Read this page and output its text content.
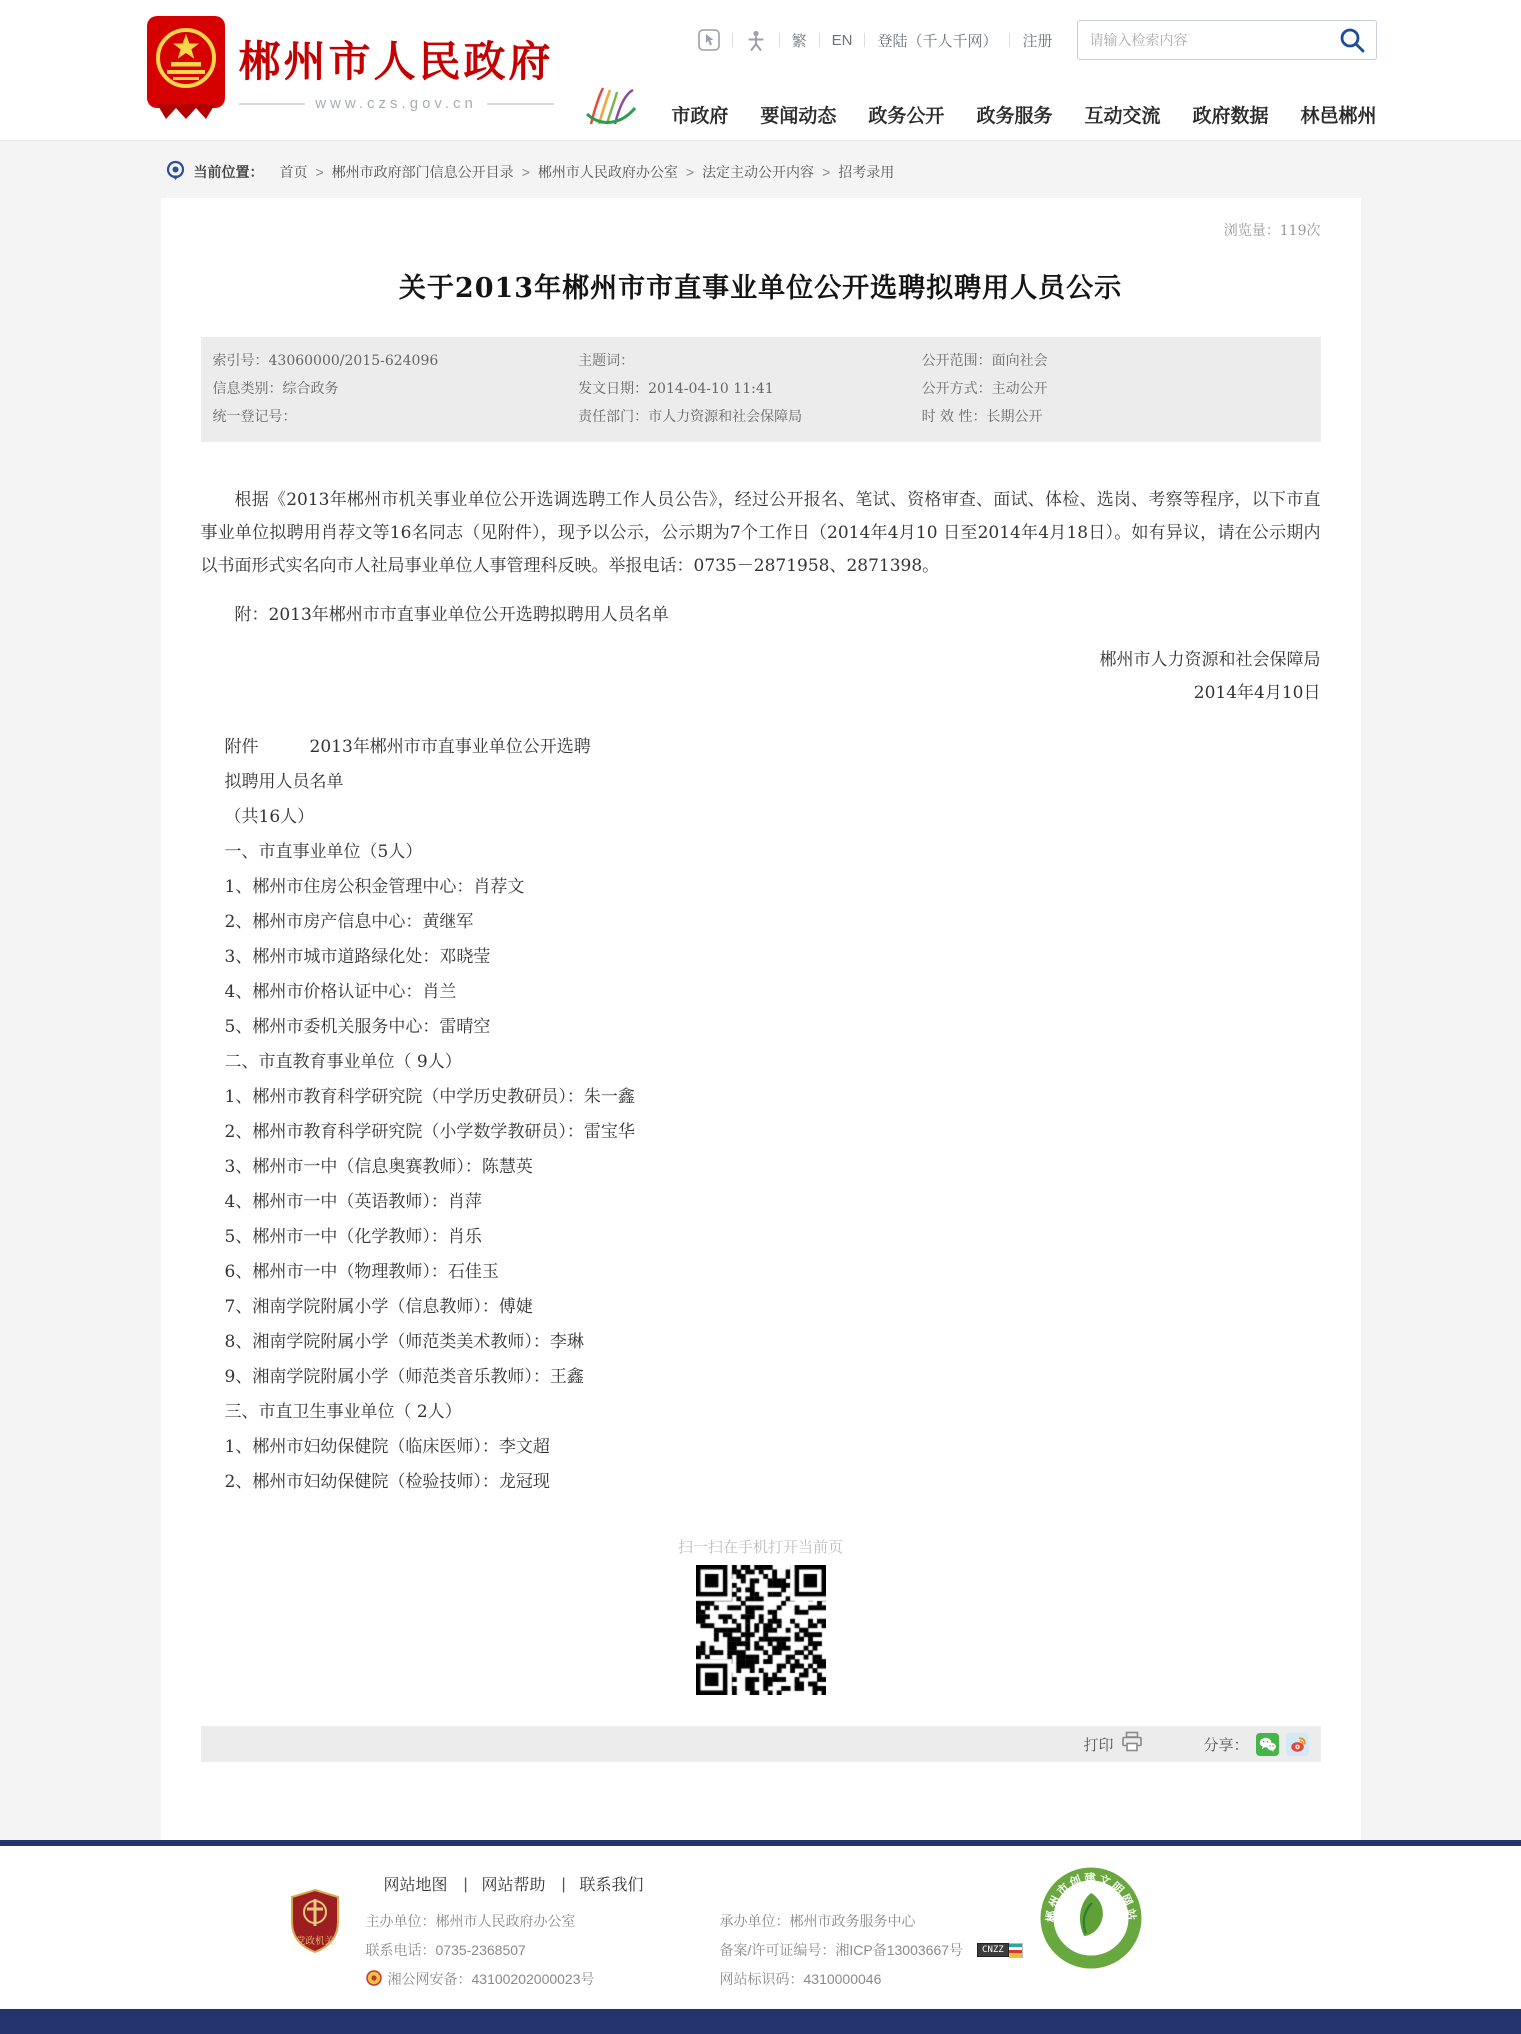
郴州市人民政府
www.czs.gov.cn
繁 EN 登陆（千人千网） 注册
请输入检索内容
市政府 要闻动态 政务公开 政务服务 互动交流 政府数据 林邑郴州
当前位置： 首页 > 郴州市政府部门信息公开目录 > 郴州市人民政府办公室 > 法定主动公开内容 > 招考录用
浏览量：119次
关于2013年郴州市市直事业单位公开选聘拟聘用人员公示
索引号：43060000/2015-624096	主题词：	公开范围：面向社会
信息类别：综合政务	发文日期：2014-04-10 11:41	公开方式：主动公开
统一登记号：	责任部门：市人力资源和社会保障局	时 效 性：长期公开

根据《2013年郴州市机关事业单位公开选调选聘工作人员公告》，经过公开报名、笔试、资格审查、面试、体检、选岗、考察等程序，以下市直事业单位拟聘用肖荐文等16名同志（见附件），现予以公示，公示期为7个工作日（2014年4月10 日至2014年4月18日）。如有异议，请在公示期内以书面形式实名向市人社局事业单位人事管理科反映。举报电话：0735－2871958、2871398。

附：2013年郴州市市直事业单位公开选聘拟聘用人员名单

郴州市人力资源和社会保障局

2014年4月10日

附件　　　2013年郴州市市直事业单位公开选聘
拟聘用人员名单
（共16人）
一、市直事业单位（5人）
1、郴州市住房公积金管理中心：肖荐文
2、郴州市房产信息中心：黄继军
3、郴州市城市道路绿化处：邓晓莹
4、郴州市价格认证中心：肖兰
5、郴州市委机关服务中心：雷晴空
二、市直教育事业单位（ 9人）
1、郴州市教育科学研究院（中学历史教研员）：朱一鑫
2、郴州市教育科学研究院（小学数学教研员）：雷宝华
3、郴州市一中（信息奥赛教师）：陈慧英
4、郴州市一中（英语教师）：肖萍
5、郴州市一中（化学教师）：肖乐
6、郴州市一中（物理教师）：石佳玉
7、湘南学院附属小学（信息教师）：傅婕
8、湘南学院附属小学（师范类美术教师）：李琳
9、湘南学院附属小学（师范类音乐教师）：王鑫
三、市直卫生事业单位（ 2人）
1、郴州市妇幼保健院（临床医师）：李文超
2、郴州市妇幼保健院（检验技师）：龙冠现
扫一扫在手机打开当前页
打印	分享：
党政机关
网站地图 | 网站帮助 | 联系我们
主办单位：郴州市人民政府办公室	承办单位：郴州市政务服务中心
联系电话：0735-2368507	备案/许可证编号：湘ICP备13003667号	CNZZ
湘公网安备：43100202000023号	网站标识码：4310000046
郴州市创建文明网站
